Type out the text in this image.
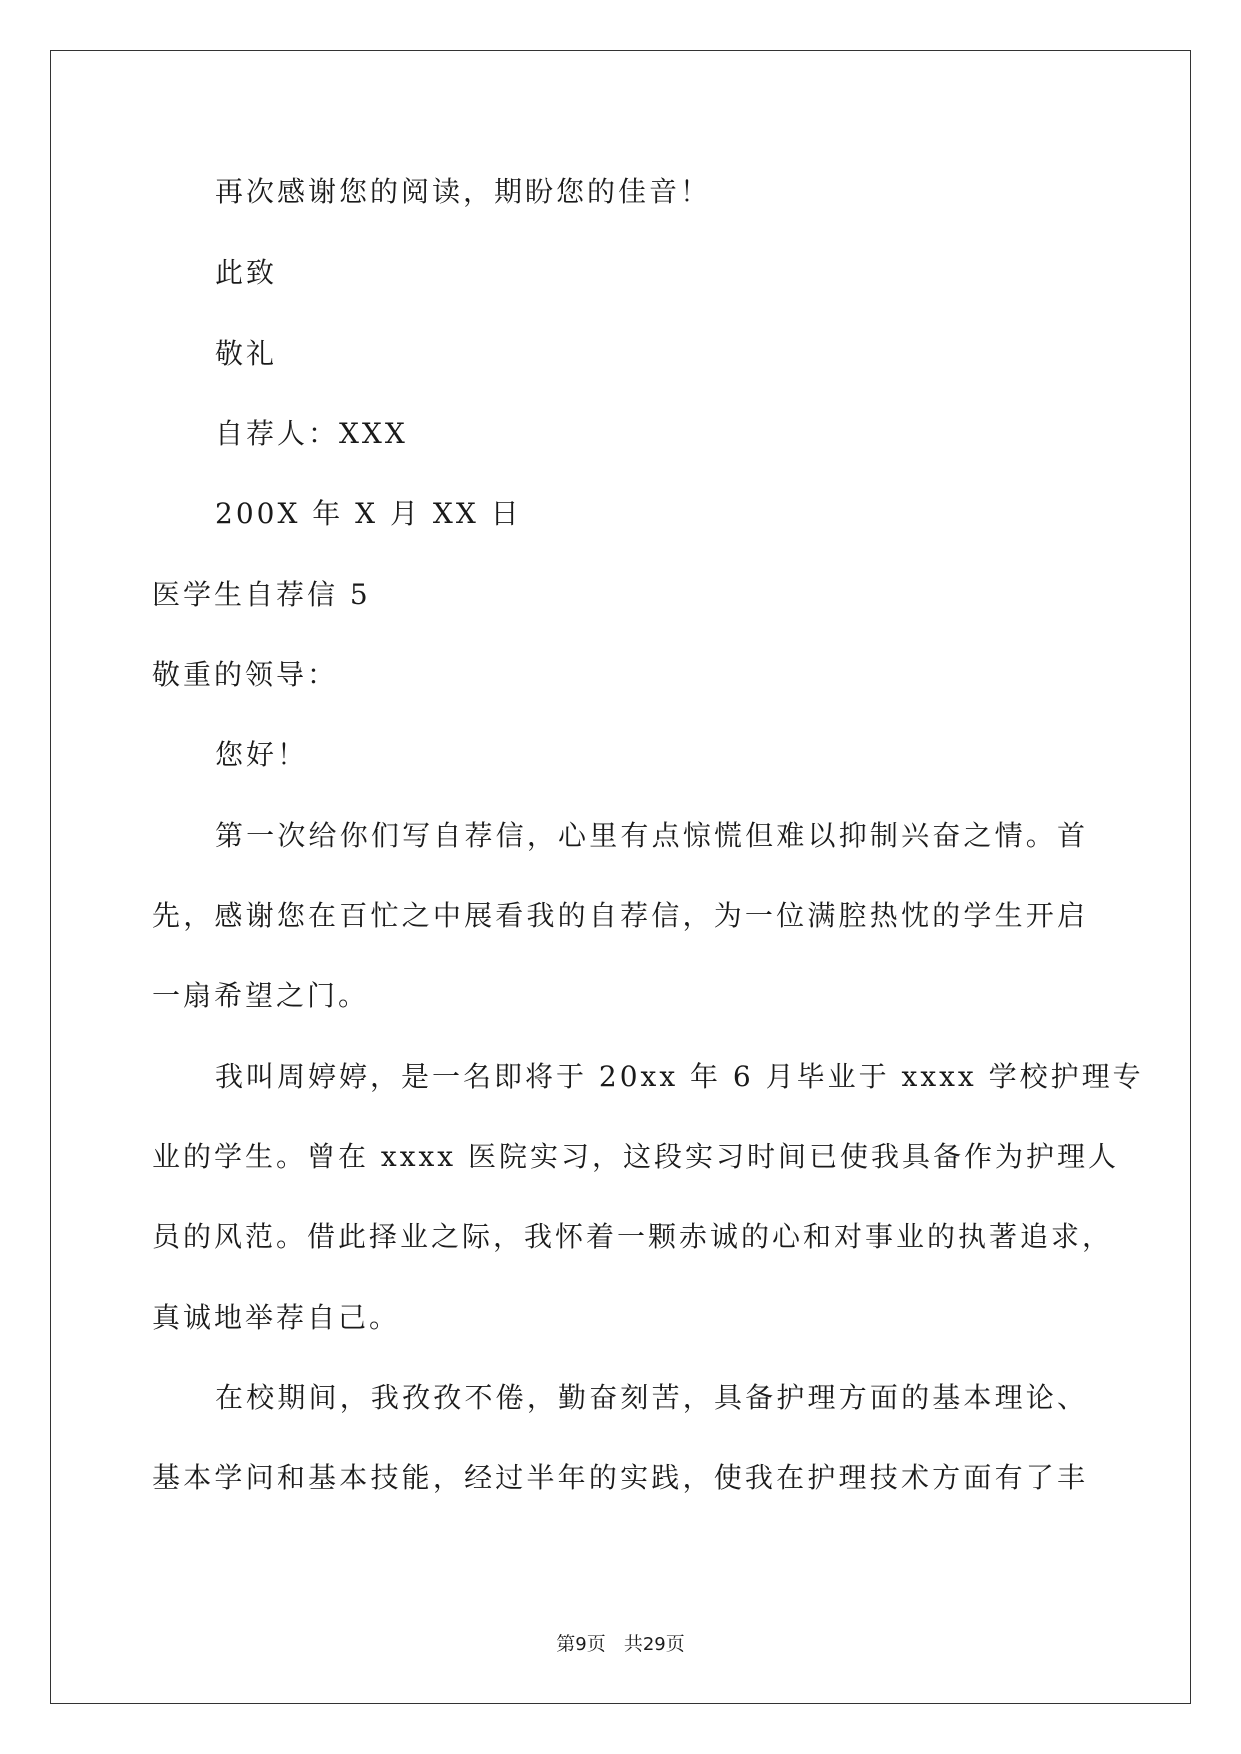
再次感谢您的阅读，期盼您的佳音！
此致
敬礼
自荐人：XXX
200X 年 X 月 XX 日
医学生自荐信 5
敬重的领导：
您好！
第一次给你们写自荐信，心里有点惊慌但难以抑制兴奋之情。首
先，感谢您在百忙之中展看我的自荐信，为一位满腔热忱的学生开启
一扇希望之门。
我叫周婷婷，是一名即将于 20xx 年 6 月毕业于 xxxx 学校护理专
业的学生。曾在 xxxx 医院实习，这段实习时间已使我具备作为护理人
员的风范。借此择业之际，我怀着一颗赤诚的心和对事业的执著追求，
真诚地举荐自己。
在校期间，我孜孜不倦，勤奋刻苦，具备护理方面的基本理论、
基本学问和基本技能，经过半年的实践，使我在护理技术方面有了丰
第9页 共29页
